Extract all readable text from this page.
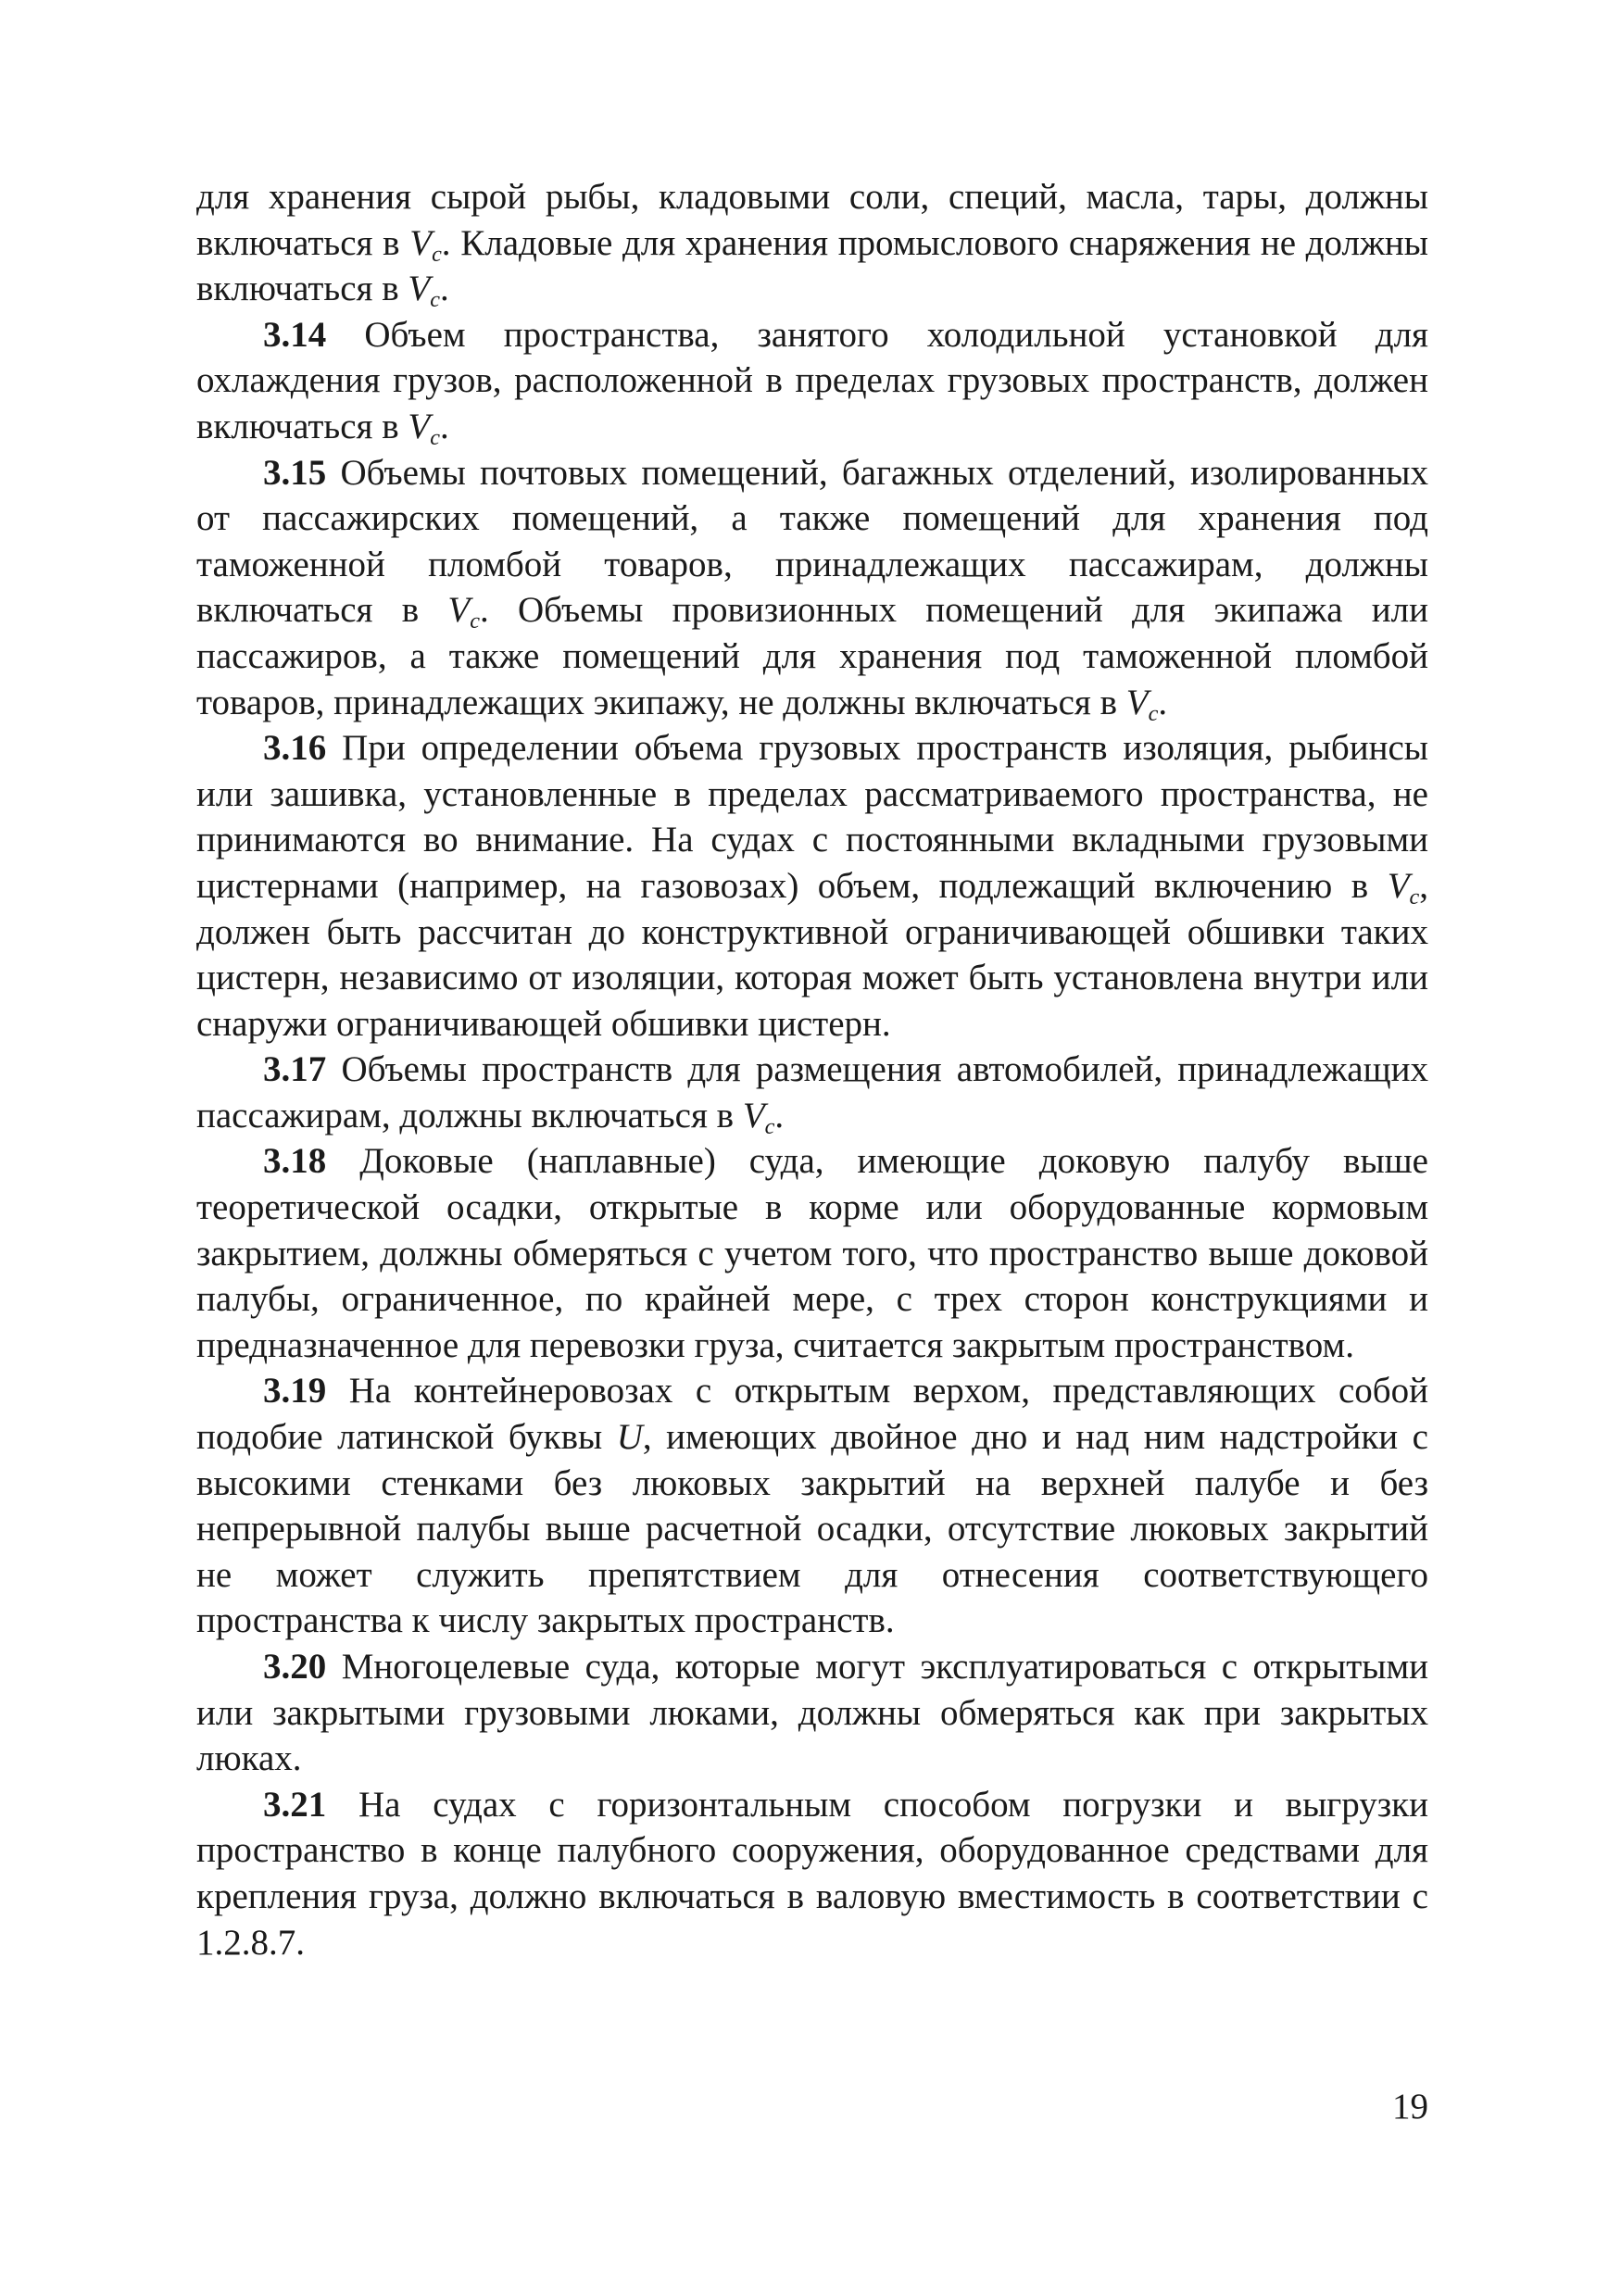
для хранения сырой рыбы, кладовыми соли, специй, масла, тары, должны включаться в $V_c$. Кладовые для хранения промыслового снаряжения не должны включаться в $V_c$.

3.14 Объем пространства, занятого холодильной установкой для охлаждения грузов, расположенной в пределах грузовых пространств, должен включаться в $V_c$.

3.15 Объемы почтовых помещений, багажных отделений, изолированных от пассажирских помещений, а также помещений для хранения под таможенной пломбой товаров, принадлежащих пассажирам, должны включаться в $V_c$. Объемы провизионных помещений для экипажа или пассажиров, а также помещений для хранения под таможенной пломбой товаров, принадлежащих экипажу, не должны включаться в $V_c$.

3.16 При определении объема грузовых пространств изоляция, рыбинсы или зашивка, установленные в пределах рассматриваемого пространства, не принимаются во внимание. На судах с постоянными вкладными грузовыми цистернами (например, на газовозах) объем, подлежащий включению в $V_c$, должен быть рассчитан до конструктивной ограничивающей обшивки таких цистерн, независимо от изоляции, которая может быть установлена внутри или снаружи ограничивающей обшивки цистерн.

3.17 Объемы пространств для размещения автомобилей, принадлежащих пассажирам, должны включаться в $V_c$.

3.18 Доковые (наплавные) суда, имеющие доковую палубу выше теоретической осадки, открытые в корме или оборудованные кормовым закрытием, должны обмеряться с учетом того, что пространство выше доковой палубы, ограниченное, по крайней мере, с трех сторон конструкциями и предназначенное для перевозки груза, считается закрытым пространством.

3.19 На контейнеровозах с открытым верхом, представляющих собой подобие латинской буквы U, имеющих двойное дно и над ним надстройки с высокими стенками без люковых закрытий на верхней палубе и без непрерывной палубы выше расчетной осадки, отсутствие люковых закрытий не может служить препятствием для отнесения соответствующего пространства к числу закрытых пространств.

3.20 Многоцелевые суда, которые могут эксплуатироваться с открытыми или закрытыми грузовыми люками, должны обмеряться как при закрытых люках.

3.21 На судах с горизонтальным способом погрузки и выгрузки пространство в конце палубного сооружения, оборудованное средствами для крепления груза, должно включаться в валовую вместимость в соответствии с 1.2.8.7.

19
